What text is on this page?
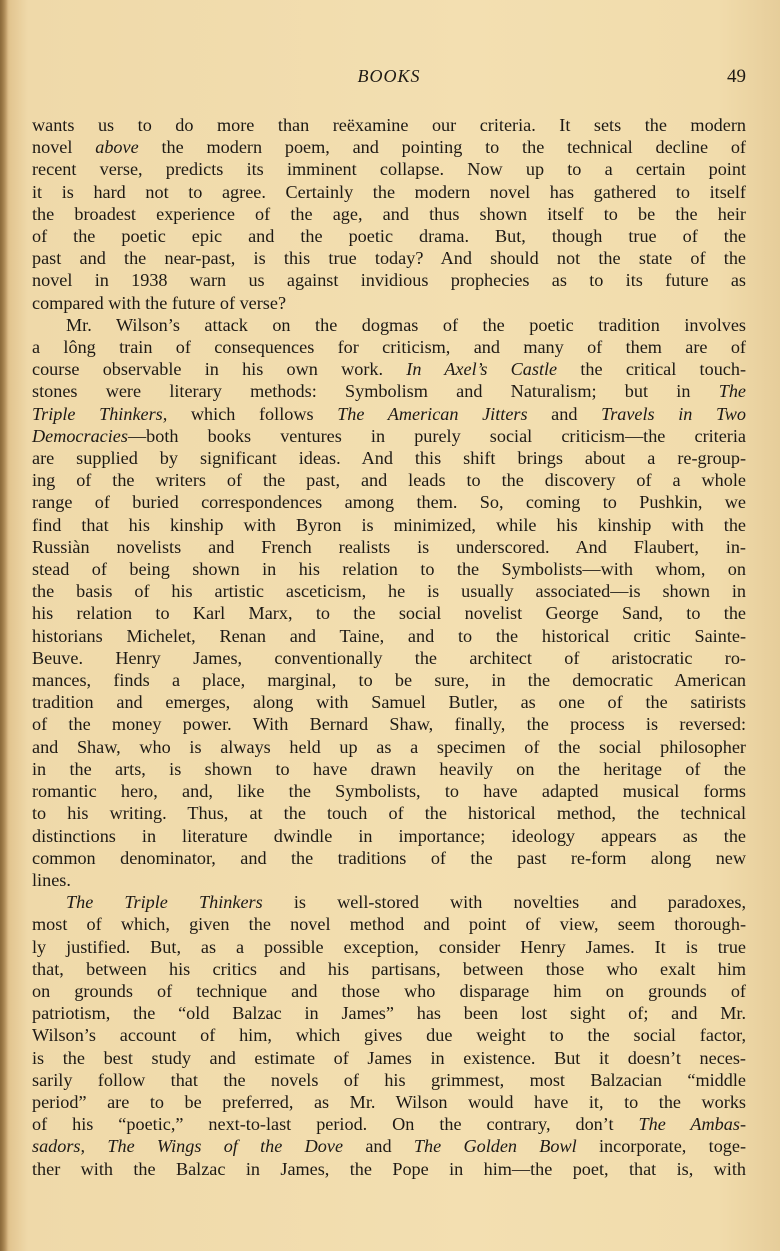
BOOKS	49

wants us to do more than reëxamine our criteria. It sets the modern

novel above the modern poem, and pointing to the technical decline of

recent verse, predicts its imminent collapse. Now up to a certain point

it is hard not to agree. Certainly the modern novel has gathered to itself

the broadest experience of the age, and thus shown itself to be the heir

of the poetic epic and the poetic drama. But, though true of the

past and the near-past, is this true today? And should not the state of the

novel in 1938 warn us against invidious prophecies as to its future as

compared with the future of verse?

Mr. Wilson’s attack on the dogmas of the poetic tradition involves

a lông train of consequences for criticism, and many of them are of

course observable in his own work. In Axel’s Castle the critical touch-

stones were literary methods: Symbolism and Naturalism; but in The

Triple Thinkers, which follows The American Jitters and Travels in Two

Democracies—both books ventures in purely social criticism—the criteria

are supplied by significant ideas. And this shift brings about a re-group-

ing of the writers of the past, and leads to the discovery of a whole

range of buried correspondences among them. So, coming to Pushkin, we

find that his kinship with Byron is minimized, while his kinship with the

Russiàn novelists and French realists is underscored. And Flaubert, in-

stead of being shown in his relation to the Symbolists—with whom, on

the basis of his artistic asceticism, he is usually associated—is shown in

his relation to Karl Marx, to the social novelist George Sand, to the

historians Michelet, Renan and Taine, and to the historical critic Sainte-

Beuve. Henry James, conventionally the architect of aristocratic ro-

mances, finds a place, marginal, to be sure, in the democratic American

tradition and emerges, along with Samuel Butler, as one of the satirists

of the money power. With Bernard Shaw, finally, the process is reversed:

and Shaw, who is always held up as a specimen of the social philosopher

in the arts, is shown to have drawn heavily on the heritage of the

romantic hero, and, like the Symbolists, to have adapted musical forms

to his writing. Thus, at the touch of the historical method, the technical

distinctions in literature dwindle in importance; ideology appears as the

common denominator, and the traditions of the past re-form along new

lines.

The Triple Thinkers is well-stored with novelties and paradoxes,

most of which, given the novel method and point of view, seem thorough-

ly justified. But, as a possible exception, consider Henry James. It is true

that, between his critics and his partisans, between those who exalt him

on grounds of technique and those who disparage him on grounds of

patriotism, the “old Balzac in James” has been lost sight of; and Mr.

Wilson’s account of him, which gives due weight to the social factor,

is the best study and estimate of James in existence. But it doesn’t neces-

sarily follow that the novels of his grimmest, most Balzacian “middle

period” are to be preferred, as Mr. Wilson would have it, to the works

of his “poetic,” next-to-last period. On the contrary, don’t The Ambas-

sadors, The Wings of the Dove and The Golden Bowl incorporate, toge-

ther with the Balzac in James, the Pope in him—the poet, that is, with
